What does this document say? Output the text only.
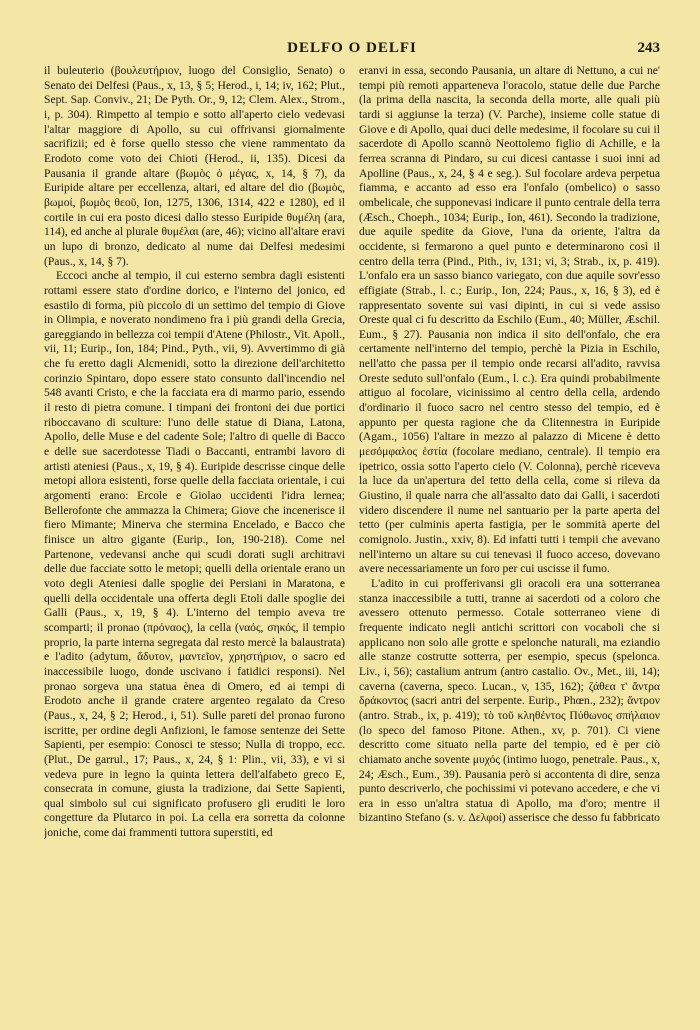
DELFO O DELFI	243

il buleuterio (βουλευτήριον, luogo del Consiglio, Senato) o Senato dei Delfesi (Paus., x, 13, § 5; Herod., i, 14; iv, 162; Plut., Sept. Sap. Conviv., 21; De Pyth. Or., 9, 12; Clem. Alex., Strom., i, p. 304). Rimpetto al tempio e sotto all'aperto cielo vedevasi l'altar maggiore di Apollo, su cui offrivansi giornalmente sacrifizii; ed è forse quello stesso che viene rammentato da Erodoto come voto dei Chioti (Herod., ii, 135). Dicesi da Pausania il grande altare (βωμὸς ὁ μέγας, x, 14, § 7), da Euripide altare per eccellenza, altari, ed altare del dio (βωμὸς, βωμοί, βωμὸς θεοῦ, Ion, 1275, 1306, 1314, 422 e 1280), ed il cortile in cui era posto dicesi dallo stesso Euripide θυμέλη (ara, 114), ed anche al plurale θυμέλαι (are, 46); vicino all'altare eravi un lupo di bronzo, dedicato al nume dai Delfesi medesimi (Paus., x, 14, § 7).

Eccoci anche al tempio, il cui esterno sembra dagli esistenti rottami essere stato d'ordine dorico, e l'interno del jonico, ed esastilo di forma, più piccolo di un settimo del tempio di Giove in Olimpia, e noverato nondimeno fra i più grandi della Grecia, gareggiando in bellezza coi tempii d'Atene (Philostr., Vit. Apoll., vii, 11; Eurip., Ion, 184; Pind., Pyth., vii, 9). Avvertimmo di già che fu eretto dagli Alcmenidi, sotto la direzione dell'architetto corinzio Spintaro, dopo essere stato consunto dall'incendio nel 548 avanti Cristo, e che la facciata era di marmo pario, essendo il resto di pietra comune. I timpani dei frontoni dei due portici riboccavano di sculture: l'uno delle statue di Diana, Latona, Apollo, delle Muse e del cadente Sole; l'altro di quelle di Bacco e delle sue sacerdotesse Tiadi o Baccanti, entrambi lavoro di artisti ateniesi (Paus., x, 19, § 4). Euripide descrisse cinque delle metopi allora esistenti, forse quelle della facciata orientale, i cui argomenti erano: Ercole e Giolao uccidenti l'idra lernea; Bellerofonte che ammazza la Chimera; Giove che incenerisce il fiero Mimante; Minerva che stermina Encelado, e Bacco che finisce un altro gigante (Eurip., Ion, 190-218). Come nel Partenone, vedevansi anche qui scudi dorati sugli architravi delle due facciate sotto le metopi; quelli della orientale erano un voto degli Ateniesi dalle spoglie dei Persiani in Maratona, e quelli della occidentale una offerta degli Etoli dalle spoglie dei Galli (Paus., x, 19, § 4). L'interno del tempio aveva tre scomparti; il pronao (πρόναος), la cella (ναός, σηκός, il tempio proprio, la parte interna segregata dal resto mercè la balaustrata) e l'adito (adytum, ἄδυτον, μαντεῖον, χρηστήριον, o sacro ed inaccessibile luogo, donde uscivano i fatidici responsi). Nel pronao sorgeva una statua ènea di Omero, ed ai tempi di Erodoto anche il grande cratere argenteo regalato da Creso (Paus., x, 24, § 2; Herod., i, 51). Sulle pareti del pronao furono iscritte, per ordine degli Anfizioni, le famose sentenze dei Sette Sapienti, per esempio: Conosci te stesso; Nulla di troppo, ecc. (Plut., De garrul., 17; Paus., x, 24, § 1: Plin., vii, 33), e vi si vedeva pure in legno la quinta lettera dell'alfabeto greco E, consecrata in comune, giusta la tradizione, dai Sette Sapienti, qual simbolo sul cui significato profusero gli eruditi le loro congetture da Plutarco in poi. La cella era sorretta da colonne joniche, come dai frammenti tuttora superstiti, ed

eranvi in essa, secondo Pausania, un altare di Nettuno, a cui ne' tempi più remoti apparteneva l'oracolo, statue delle due Parche (la prima della nascita, la seconda della morte, alle quali più tardi si aggiunse la terza) (V. Parche), insieme colle statue di Giove e di Apollo, quai duci delle medesime, il focolare su cui il sacerdote di Apollo scannò Neottolemo figlio di Achille, e la ferrea scranna di Pindaro, su cui dicesi cantasse i suoi inni ad Apolline (Paus., x, 24, § 4 e seg.). Sul focolare ardeva perpetua fiamma, e accanto ad esso era l'onfalo (ombelico) o sasso ombelicale, che supponevasi indicare il punto centrale della terra (Æsch., Choeph., 1034; Eurip., Ion, 461). Secondo la tradizione, due aquile spedite da Giove, l'una da oriente, l'altra da occidente, si fermarono a quel punto e determinarono così il centro della terra (Pind., Pith., iv, 131; vi, 3; Strab., ix, p. 419). L'onfalo era un sasso bianco variegato, con due aquile sovr'esso effigiate (Strab., l. c.; Eurip., Ion, 224; Paus., x, 16, § 3), ed è rappresentato sovente sui vasi dipinti, in cui si vede assiso Oreste qual ci fu descritto da Eschilo (Eum., 40; Müller, Æschil. Eum., § 27). Pausania non indica il sito dell'onfalo, che era certamente nell'interno del tempio, perchè la Pizia in Eschilo, nell'atto che passa per il tempio onde recarsi all'adito, ravvisa Oreste seduto sull'onfalo (Eum., l. c.). Era quindi probabilmente attiguo al focolare, vicinissimo al centro della cella, ardendo d'ordinario il fuoco sacro nel centro stesso del tempio, ed è appunto per questa ragione che da Clitennestra in Euripide (Agam., 1056) l'altare in mezzo al palazzo di Micene è detto μεσόμφαλος ἑστία (focolare mediano, centrale). Il tempio era ipetrico, ossia sotto l'aperto cielo (V. Colonna), perchè riceveva la luce da un'apertura del tetto della cella, come si rileva da Giustino, il quale narra che all'assalto dato dai Galli, i sacerdoti videro discendere il nume nel santuario per la parte aperta del tetto (per culminis aperta fastigia, per le sommità aperte del comignolo. Justin., xxiv, 8). Ed infatti tutti i tempii che avevano nell'interno un altare su cui tenevasi il fuoco acceso, dovevano avere necessariamente un foro per cui uscisse il fumo.

L'adito in cui profferivansi gli oracoli era una sotterranea stanza inaccessibile a tutti, tranne ai sacerdoti od a coloro che avessero ottenuto permesso. Cotale sotterraneo viene di frequente indicato negli antichi scrittori con vocaboli che si applicano non solo alle grotte e spelonche naturali, ma eziandio alle stanze costrutte sotterra, per esempio, specus (spelonca. Liv., i, 56); castalium antrum (antro castalio. Ov., Met., iii, 14); caverna (caverna, speco. Lucan., v, 135, 162); ζάθεα τ' ἄντρα δράκοντος (sacri antri del serpente. Eurip., Phœn., 232); ἄντρον (antro. Strab., ix, p. 419); τὸ τοῦ κληθέντος Πύθωνος σπήλαιον (lo speco del famoso Pitone. Athen., xv, p. 701). Ci viene descritto come situato nella parte del tempio, ed è per ciò chiamato anche sovente μυχός (intimo luogo, penetrale. Paus., x, 24; Æsch., Eum., 39). Pausania però si accontenta di dire, senza punto descriverlo, che pochissimi vi potevano accedere, e che vi era in esso un'altra statua di Apollo, ma d'oro; mentre il bizantino Stefano (s. v. Δελφοί) asserisce che desso fu fabbricato
